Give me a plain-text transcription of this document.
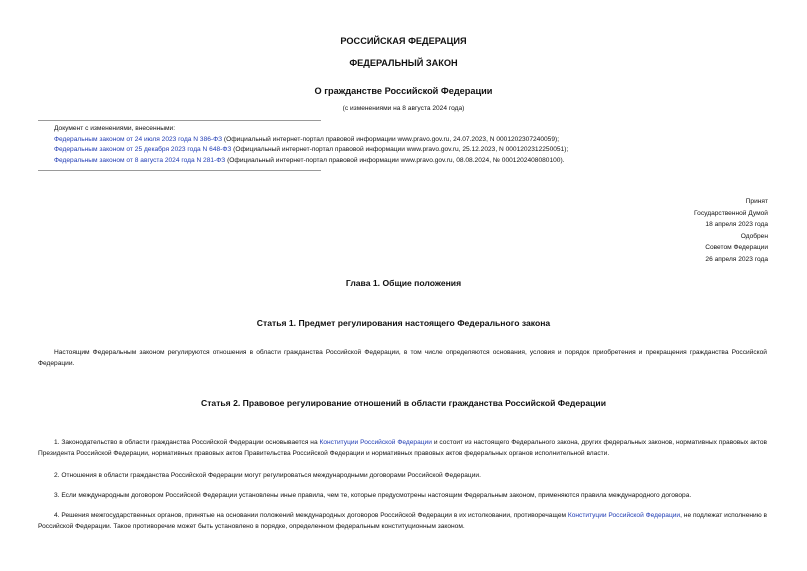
РОССИЙСКАЯ ФЕДЕРАЦИЯ
ФЕДЕРАЛЬНЫЙ ЗАКОН
О гражданстве Российской Федерации
(с изменениями на 8 августа 2024 года)
Документ с изменениями, внесенными:
Федеральным законом от 24 июля 2023 года N 386-ФЗ (Официальный интернет-портал правовой информации www.pravo.gov.ru, 24.07.2023, N 0001202307240059);
Федеральным законом от 25 декабря 2023 года N 648-ФЗ (Официальный интернет-портал правовой информации www.pravo.gov.ru, 25.12.2023, N 0001202312250051);
Федеральным законом от 8 августа 2024 года N 281-ФЗ (Официальный интернет-портал правовой информации www.pravo.gov.ru, 08.08.2024, № 0001202408080100).
Принят
Государственной Думой
18 апреля 2023 года
Одобрен
Советом Федерации
26 апреля 2023 года
Глава 1. Общие положения
Статья 1. Предмет регулирования настоящего Федерального закона
Настоящим Федеральным законом регулируются отношения в области гражданства Российской Федерации, в том числе определяются основания, условия и порядок приобретения и прекращения гражданства Российской Федерации.
Статья 2. Правовое регулирование отношений в области гражданства Российской Федерации
1. Законодательство в области гражданства Российской Федерации основывается на Конституции Российской Федерации и состоит из настоящего Федерального закона, других федеральных законов, нормативных правовых актов Президента Российской Федерации, нормативных правовых актов Правительства Российской Федерации и нормативных правовых актов федеральных органов исполнительной власти.
2. Отношения в области гражданства Российской Федерации могут регулироваться международными договорами Российской Федерации.
3. Если международным договором Российской Федерации установлены иные правила, чем те, которые предусмотрены настоящим Федеральным законом, применяются правила международного договора.
4. Решения межгосударственных органов, принятые на основании положений международных договоров Российской Федерации в их истолковании, противоречащем Конституции Российской Федерации, не подлежат исполнению в Российской Федерации. Такое противоречие может быть установлено в порядке, определенном федеральным конституционным законом.
